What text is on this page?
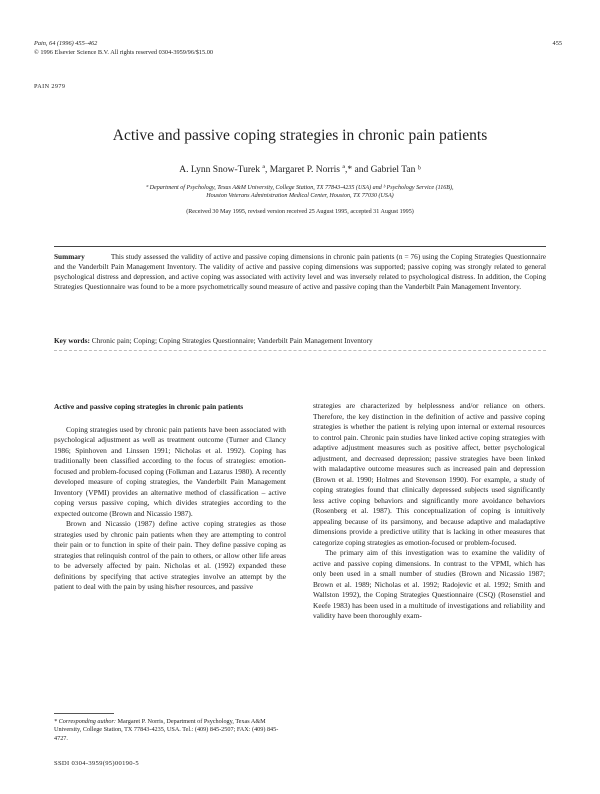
Pain, 64 (1996) 455–462
© 1996 Elsevier Science B.V. All rights reserved 0304-3959/96/$15.00
455
PAIN 2979
Active and passive coping strategies in chronic pain patients
A. Lynn Snow-Turek ª, Margaret P. Norris ª,* and Gabriel Tan ᵇ
ª Department of Psychology, Texas A&M University, College Station, TX 77843-4235 (USA) and ᵇ Psychology Service (116B),
Houston Veterans Administration Medical Center, Houston, TX 77030 (USA)
(Received 30 May 1995, revised version received 25 August 1995, accepted 31 August 1995)
Summary	This study assessed the validity of active and passive coping dimensions in chronic pain patients (n = 76) using the Coping Strategies Questionnaire and the Vanderbilt Pain Management Inventory. The validity of active and passive coping dimensions was supported; passive coping was strongly related to general psychological distress and depression, and active coping was associated with activity level and was inversely related to psychological distress. In addition, the Coping Strategies Questionnaire was found to be a more psychometrically sound measure of active and passive coping than the Vanderbilt Pain Management Inventory.
Key words: Chronic pain; Coping; Coping Strategies Questionnaire; Vanderbilt Pain Management Inventory
Active and passive coping strategies in chronic pain patients

Coping strategies used by chronic pain patients have been associated with psychological adjustment as well as treatment outcome (Turner and Clancy 1986; Spinhoven and Linssen 1991; Nicholas et al. 1992). Coping has traditionally been classified according to the focus of strategies: emotion-focused and problem-focused coping (Folkman and Lazarus 1980). A recently developed measure of coping strategies, the Vanderbilt Pain Management Inventory (VPMI) provides an alternative method of classification – active coping versus passive coping, which divides strategies according to the expected outcome (Brown and Nicassio 1987).

Brown and Nicassio (1987) define active coping strategies as those strategies used by chronic pain patients when they are attempting to control their pain or to function in spite of their pain. They define passive coping as strategies that relinquish control of the pain to others, or allow other life areas to be adversely affected by pain. Nicholas et al. (1992) expanded these definitions by specifying that active strategies involve an attempt by the patient to deal with the pain by using his/her resources, and passive

strategies are characterized by helplessness and/or reliance on others. Therefore, the key distinction in the definition of active and passive coping strategies is whether the patient is relying upon internal or external resources to control pain. Chronic pain studies have linked active coping strategies with adaptive adjustment measures such as positive affect, better psychological adjustment, and decreased depression; passive strategies have been linked with maladaptive outcome measures such as increased pain and depression (Brown et al. 1990; Holmes and Stevenson 1990). For example, a study of coping strategies found that clinically depressed subjects used significantly less active coping behaviors and significantly more avoidance behaviors (Rosenberg et al. 1987). This conceptualization of coping is intuitively appealing because of its parsimony, and because adaptive and maladaptive dimensions provide a predictive utility that is lacking in other measures that categorize coping strategies as emotion-focused or problem-focused.

The primary aim of this investigation was to examine the validity of active and passive coping dimensions. In contrast to the VPMI, which has only been used in a small number of studies (Brown and Nicassio 1987; Brown et al. 1989; Nicholas et al. 1992; Radojevic et al. 1992; Smith and Wallston 1992), the Coping Strategies Questionnaire (CSQ) (Rosenstiel and Keefe 1983) has been used in a multitude of investigations and reliability and validity have been thoroughly exam-

* Corresponding author: Margaret P. Norris, Department of Psychology, Texas A&M University, College Station, TX 77843-4235, USA. Tel.: (409) 845-2507; FAX: (409) 845-4727.
SSDI 0304-3959(95)00190-5
